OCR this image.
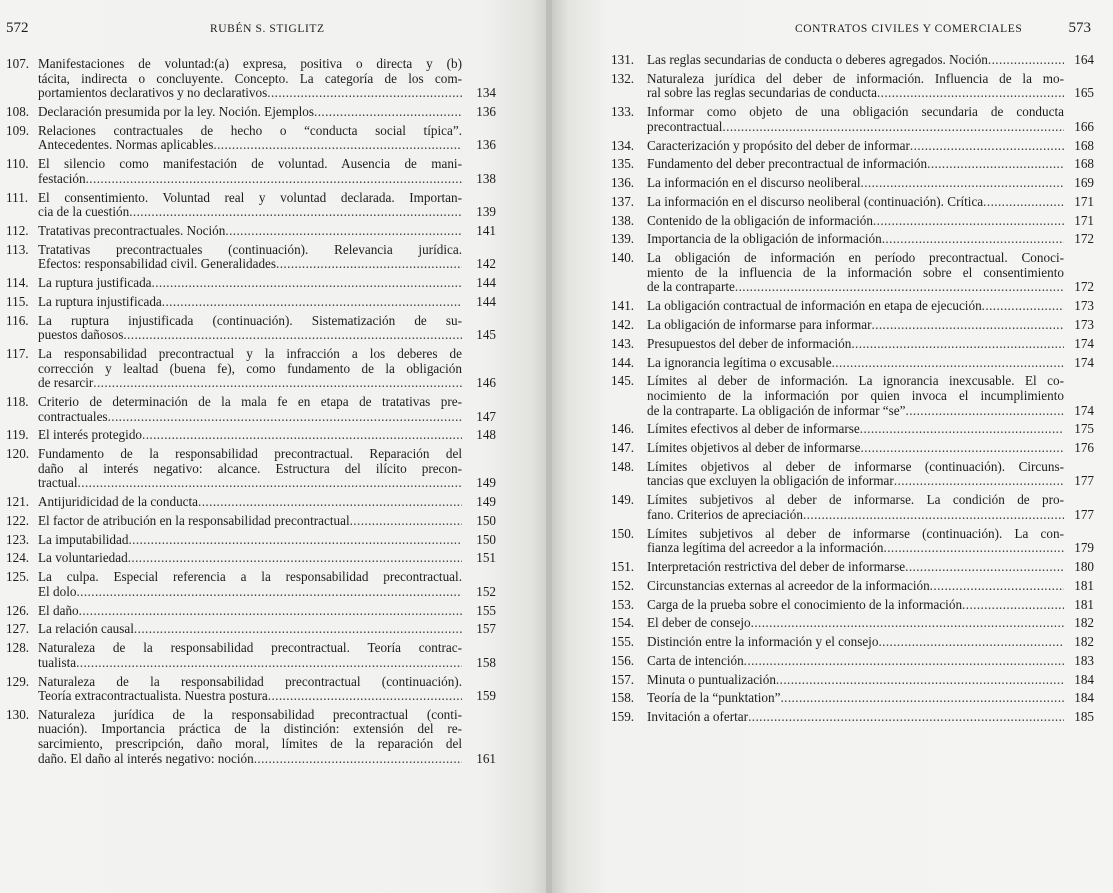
572	RUBÉN S. STIGLITZ
107. Manifestaciones de voluntad:(a) expresa, positiva o directa y (b)
tácita, indirecta o concluyente. Concepto. La categoría de los com-
portamientos declarativos y no declarativos .....	134
108. Declaración presumida por la ley. Noción. Ejemplos .....	136
109. Relaciones contractuales de hecho o “conducta social típica”.
Antecedentes. Normas aplicables .....	136
110. El silencio como manifestación de voluntad. Ausencia de mani-
festación .....	138
111. El consentimiento. Voluntad real y voluntad declarada. Importan-
cia de la cuestión .....	139
112. Tratativas precontractuales. Noción .....	141
113. Tratativas precontractuales (continuación). Relevancia jurídica.
Efectos: responsabilidad civil. Generalidades .....	142
114. La ruptura justificada .....	144
115. La ruptura injustificada .....	144
116. La ruptura injustificada (continuación). Sistematización de su-
puestos dañosos .....	145
117. La responsabilidad precontractual y la infracción a los deberes de
corrección y lealtad (buena fe), como fundamento de la obligación
de resarcir .....	146
118. Criterio de determinación de la mala fe en etapa de tratativas pre-
contractuales .....	147
119. El interés protegido .....	148
120. Fundamento de la responsabilidad precontractual. Reparación del
daño al interés negativo: alcance. Estructura del ilícito precon-
tractual .....	149
121. Antijuridicidad de la conducta .....	149
122. El factor de atribución en la responsabilidad precontractual .....	150
123. La imputabilidad .....	150
124. La voluntariedad .....	151
125. La culpa. Especial referencia a la responsabilidad precontractual.
El dolo .....	152
126. El daño .....	155
127. La relación causal .....	157
128. Naturaleza de la responsabilidad precontractual. Teoría contrac-
tualista .....	158
129. Naturaleza de la responsabilidad precontractual (continuación).
Teoría extracontractualista. Nuestra postura .....	159
130. Naturaleza jurídica de la responsabilidad precontractual (conti-
nuación). Importancia práctica de la distinción: extensión del re-
sarcimiento, prescripción, daño moral, límites de la reparación del
daño. El daño al interés negativo: noción .....	161
573
CONTRATOS CIVILES Y COMERCIALES
131. Las reglas secundarias de conducta o deberes agregados. Noción .....	164
132. Naturaleza jurídica del deber de información. Influencia de la mo-
ral sobre las reglas secundarias de conducta .....	165
133. Informar como objeto de una obligación secundaria de conducta
precontractual .....	166
134. Caracterización y propósito del deber de informar .....	168
135. Fundamento del deber precontractual de información .....	168
136. La información en el discurso neoliberal .....	169
137. La información en el discurso neoliberal (continuación). Crítica .....	171
138. Contenido de la obligación de información .....	171
139. Importancia de la obligación de información .....	172
140. La obligación de información en período precontractual. Conoci-
miento de la influencia de la información sobre el consentimiento
de la contraparte .....	172
141. La obligación contractual de información en etapa de ejecución .....	173
142. La obligación de informarse para informar .....	173
143. Presupuestos del deber de información .....	174
144. La ignorancia legítima o excusable .....	174
145. Límites al deber de información. La ignorancia inexcusable. El co-
nocimiento de la información por quien invoca el incumplimiento
de la contraparte. La obligación de informar “se” .....	174
146. Límites efectivos al deber de informarse .....	175
147. Límites objetivos al deber de informarse .....	176
148. Límites objetivos al deber de informarse (continuación). Circuns-
tancias que excluyen la obligación de informar .....	177
149. Límites subjetivos al deber de informarse. La condición de pro-
fano. Criterios de apreciación .....	177
150. Límites subjetivos al deber de informarse (continuación). La con-
fianza legítima del acreedor a la información .....	179
151. Interpretación restrictiva del deber de informarse .....	180
152. Circunstancias externas al acreedor de la información .....	181
153. Carga de la prueba sobre el conocimiento de la información .....	181
154. El deber de consejo .....	182
155. Distinción entre la información y el consejo .....	182
156. Carta de intención .....	183
157. Minuta o puntualización .....	184
158. Teoría de la “punktation” .....	184
159. Invitación a ofertar .....	185
